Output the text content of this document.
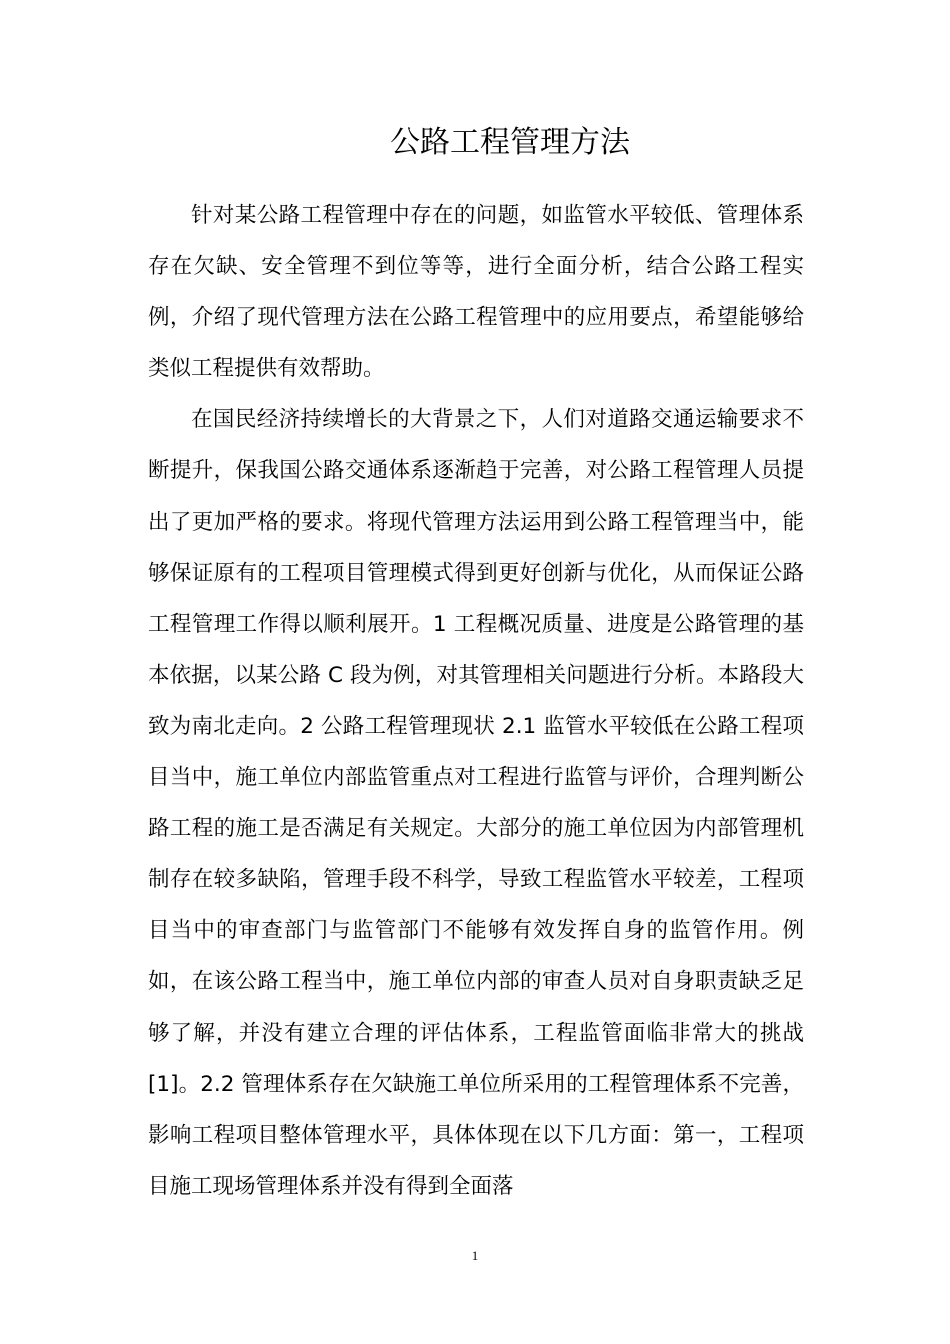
公路工程管理方法

针对某公路工程管理中存在的问题，如监管水平较低、管理体系存在欠缺、安全管理不到位等等，进行全面分析，结合公路工程实例，介绍了现代管理方法在公路工程管理中的应用要点，希望能够给类似工程提供有效帮助。

在国民经济持续增长的大背景之下，人们对道路交通运输要求不断提升，保我国公路交通体系逐渐趋于完善，对公路工程管理人员提出了更加严格的要求。将现代管理方法运用到公路工程管理当中，能够保证原有的工程项目管理模式得到更好创新与优化，从而保证公路工程管理工作得以顺利展开。1 工程概况质量、进度是公路管理的基本依据，以某公路 C 段为例，对其管理相关问题进行分析。本路段大致为南北走向。2 公路工程管理现状 2.1 监管水平较低在公路工程项目当中，施工单位内部监管重点对工程进行监管与评价，合理判断公路工程的施工是否满足有关规定。大部分的施工单位因为内部管理机制存在较多缺陷，管理手段不科学，导致工程监管水平较差，工程项目当中的审查部门与监管部门不能够有效发挥自身的监管作用。例如，在该公路工程当中，施工单位内部的审查人员对自身职责缺乏足够了解，并没有建立合理的评估体系，工程监管面临非常大的挑战[1]。2.2 管理体系存在欠缺施工单位所采用的工程管理体系不完善，影响工程项目整体管理水平，具体体现在以下几方面：第一，工程项目施工现场管理体系并没有得到全面落

1
